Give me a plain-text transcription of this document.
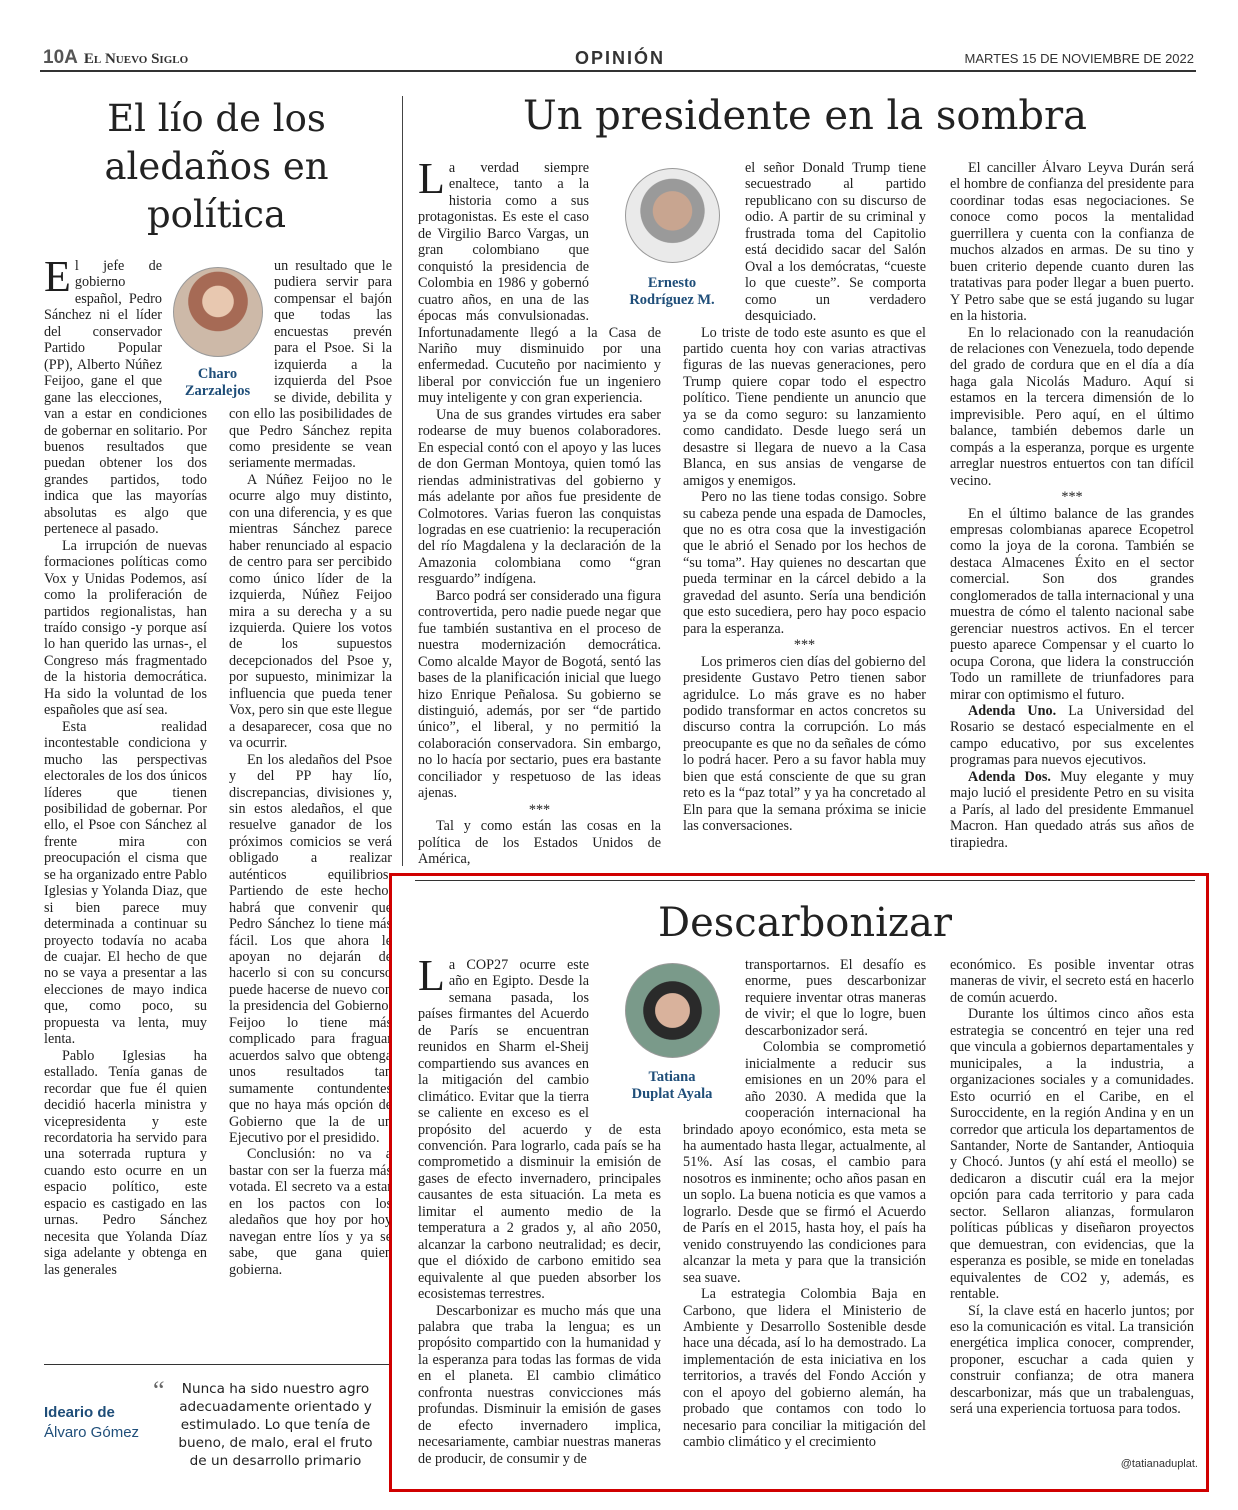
10A El Nuevo Siglo	OPINIÓN	MARTES 15 DE NOVIEMBRE DE 2022
El lío de los aledaños en política
Charo
Zarzalejos

El jefe de gobierno español, Pedro Sánchez ni el líder del conservador Partido Popular (PP), Alberto Núñez Feijoo, gane el que gane las elecciones, van a estar en condiciones de gobernar en solitario. Por buenos resultados que puedan obtener los dos grandes partidos, todo indica que las mayorías absolutas es algo que pertenece al pasado.

La irrupción de nuevas formaciones políticas como Vox y Unidas Podemos, así como la proliferación de partidos regionalistas, han traído consigo -y porque así lo han querido las urnas-, el Congreso más fragmentado de la historia democrática. Ha sido la voluntad de los españoles que así sea.

Esta realidad incontestable condiciona y mucho las perspectivas electorales de los dos únicos líderes que tienen posibilidad de gobernar. Por ello, el Psoe con Sánchez al frente mira con preocupación el cisma que se ha organizado entre Pablo Iglesias y Yolanda Diaz, que si bien parece muy determinada a continuar su proyecto todavía no acaba de cuajar. El hecho de que no se vaya a presentar a las elecciones de mayo indica que, como poco, su propuesta va lenta, muy lenta.

Pablo Iglesias ha estallado. Tenía ganas de recordar que fue él quien decidió hacerla ministra y vicepresidenta y este recordatoria ha servido para una soterrada ruptura y cuando esto ocurre en un espacio político, este espacio es castigado en las urnas. Pedro Sánchez necesita que Yolanda Díaz siga adelante y obtenga en las generales

un resultado que le pudiera servir para compensar el bajón que todas las encuestas prevén para el Psoe. Si la izquierda a la izquierda del Psoe se divide, debilita y con ello las posibilidades de que Pedro Sánchez repita como presidente se vean seriamente mermadas.

A Núñez Feijoo no le ocurre algo muy distinto, con una diferencia, y es que mientras Sánchez parece haber renunciado al espacio de centro para ser percibido como único líder de la izquierda, Núñez Feijoo mira a su derecha y a su izquierda. Quiere los votos de los supuestos decepcionados del Psoe y, por supuesto, minimizar la influencia que pueda tener Vox, pero sin que este llegue a desaparecer, cosa que no va ocurrir.

En los aledaños del Psoe y del PP hay lío, discrepancias, divisiones y, sin estos aledaños, el que resuelve ganador de los próximos comicios se verá obligado a realizar auténticos equilibrios. Partiendo de este hecho, habrá que convenir que Pedro Sánchez lo tiene más fácil. Los que ahora le apoyan no dejarán de hacerlo si con su concurso puede hacerse de nuevo con la presidencia del Gobierno. Feijoo lo tiene más complicado para fraguar acuerdos salvo que obtenga unos resultados tan sumamente contundentes que no haya más opción de Gobierno que la de un Ejecutivo por el presidido.

Conclusión: no va a bastar con ser la fuerza más votada. El secreto va a estar en los pactos con los aledaños que hoy por hoy navegan entre líos y ya se sabe, que gana quien gobierna.

Ideario de
Álvaro Gómez
“	Nunca ha sido nuestro agro adecuadamente orientado y estimulado. Lo que tenía de bueno, de malo, eral el fruto de un desarrollo primario
Un presidente en la sombra
Ernesto
Rodríguez M.

La verdad siempre enaltece, tanto a la historia como a sus protagonistas. Es este el caso de Virgilio Barco Vargas, un gran colombiano que conquistó la presidencia de Colombia en 1986 y gobernó cuatro años, en una de las épocas más convulsionadas. Infortunadamente llegó a la Casa de Nariño muy disminuido por una enfermedad. Cucuteño por nacimiento y liberal por convicción fue un ingeniero muy inteligente y con gran experiencia.

Una de sus grandes virtudes era saber rodearse de muy buenos colaboradores. En especial contó con el apoyo y las luces de don German Montoya, quien tomó las riendas administrativas del gobierno y más adelante por años fue presidente de Colmotores. Varias fueron las conquistas logradas en ese cuatrienio: la recuperación del río Magdalena y la declaración de la Amazonia colombiana como “gran resguardo” indígena.

Barco podrá ser considerado una figura controvertida, pero nadie puede negar que fue también sustantiva en el proceso de nuestra modernización democrática. Como alcalde Mayor de Bogotá, sentó las bases de la planificación inicial que luego hizo Enrique Peñalosa. Su gobierno se distinguió, además, por ser “de partido único”, el liberal, y no permitió la colaboración conservadora. Sin embargo, no lo hacía por sectario, pues era bastante conciliador y respetuoso de las ideas ajenas.

***

Tal y como están las cosas en la política de los Estados Unidos de América,

el señor Donald Trump tiene secuestrado al partido republicano con su discurso de odio. A partir de su criminal y frustrada toma del Capitolio está decidido sacar del Salón Oval a los demócratas, “cueste lo que cueste”. Se comporta como un verdadero desquiciado.

Lo triste de todo este asunto es que el partido cuenta hoy con varias atractivas figuras de las nuevas generaciones, pero Trump quiere copar todo el espectro político. Tiene pendiente un anuncio que ya se da como seguro: su lanzamiento como candidato. Desde luego será un desastre si llegara de nuevo a la Casa Blanca, en sus ansias de vengarse de amigos y enemigos.

Pero no las tiene todas consigo. Sobre su cabeza pende una espada de Damocles, que no es otra cosa que la investigación que le abrió el Senado por los hechos de “su toma”. Hay quienes no descartan que pueda terminar en la cárcel debido a la gravedad del asunto. Sería una bendición que esto sucediera, pero hay poco espacio para la esperanza.

***

Los primeros cien días del gobierno del presidente Gustavo Petro tienen sabor agridulce. Lo más grave es no haber podido transformar en actos concretos su discurso contra la corrupción. Lo más preocupante es que no da señales de cómo lo podrá hacer. Pero a su favor habla muy bien que está consciente de que su gran reto es la “paz total” y ya ha concretado al Eln para que la semana próxima se inicie las conversaciones.

El canciller Álvaro Leyva Durán será el hombre de confianza del presidente para coordinar todas esas negociaciones. Se conoce como pocos la mentalidad guerrillera y cuenta con la confianza de muchos alzados en armas. De su tino y buen criterio depende cuanto duren las tratativas para poder llegar a buen puerto. Y Petro sabe que se está jugando su lugar en la historia.

En lo relacionado con la reanudación de relaciones con Venezuela, todo depende del grado de cordura que en el día a día haga gala Nicolás Maduro. Aquí si estamos en la tercera dimensión de lo imprevisible. Pero aquí, en el último balance, también debemos darle un compás a la esperanza, porque es urgente arreglar nuestros entuertos con tan difícil vecino.

***

En el último balance de las grandes empresas colombianas aparece Ecopetrol como la joya de la corona. También se destaca Almacenes Éxito en el sector comercial. Son dos grandes conglomerados de talla internacional y una muestra de cómo el talento nacional sabe gerenciar nuestros activos. En el tercer puesto aparece Compensar y el cuarto lo ocupa Corona, que lidera la construcción Todo un ramillete de triunfadores para mirar con optimismo el futuro.

Adenda Uno. La Universidad del Rosario se destacó especialmente en el campo educativo, por sus excelentes programas para nuevos ejecutivos.

Adenda Dos. Muy elegante y muy majo lució el presidente Petro en su visita a París, al lado del presidente Emmanuel Macron. Han quedado atrás sus años de tirapiedra.

Descarbonizar
Tatiana
Duplat Ayala

La COP27 ocurre este año en Egipto. Desde la semana pasada, los países firmantes del Acuerdo de París se encuentran reunidos en Sharm el-Sheij compartiendo sus avances en la mitigación del cambio climático. Evitar que la tierra se caliente en exceso es el propósito del acuerdo y de esta convención. Para lograrlo, cada país se ha comprometido a disminuir la emisión de gases de efecto invernadero, principales causantes de esta situación. La meta es limitar el aumento medio de la temperatura a 2 grados y, al año 2050, alcanzar la carbono neutralidad; es decir, que el dióxido de carbono emitido sea equivalente al que pueden absorber los ecosistemas terrestres.

Descarbonizar es mucho más que una palabra que traba la lengua; es un propósito compartido con la humanidad y la esperanza para todas las formas de vida en el planeta. El cambio climático confronta nuestras convicciones más profundas. Disminuir la emisión de gases de efecto invernadero implica, necesariamente, cambiar nuestras maneras de producir, de consumir y de

transportarnos. El desafío es enorme, pues descarbonizar requiere inventar otras maneras de vivir; el que lo logre, buen descarbonizador será.

Colombia se comprometió inicialmente a reducir sus emisiones en un 20% para el año 2030. A medida que la cooperación internacional ha brindado apoyo económico, esta meta se ha aumentado hasta llegar, actualmente, al 51%. Así las cosas, el cambio para nosotros es inminente; ocho años pasan en un soplo. La buena noticia es que vamos a lograrlo. Desde que se firmó el Acuerdo de París en el 2015, hasta hoy, el país ha venido construyendo las condiciones para alcanzar la meta y para que la transición sea suave.

La estrategia Colombia Baja en Carbono, que lidera el Ministerio de Ambiente y Desarrollo Sostenible desde hace una década, así lo ha demostrado. La implementación de esta iniciativa en los territorios, a través del Fondo Acción y con el apoyo del gobierno alemán, ha probado que contamos con todo lo necesario para conciliar la mitigación del cambio climático y el crecimiento

económico. Es posible inventar otras maneras de vivir, el secreto está en hacerlo de común acuerdo.

Durante los últimos cinco años esta estrategia se concentró en tejer una red que vincula a gobiernos departamentales y municipales, a la industria, a organizaciones sociales y a comunidades. Esto ocurrió en el Caribe, en el Suroccidente, en la región Andina y en un corredor que articula los departamentos de Santander, Norte de Santander, Antioquia y Chocó. Juntos (y ahí está el meollo) se dedicaron a discutir cuál era la mejor opción para cada territorio y para cada sector. Sellaron alianzas, formularon políticas públicas y diseñaron proyectos que demuestran, con evidencias, que la esperanza es posible, se mide en toneladas equivalentes de CO2 y, además, es rentable.

Sí, la clave está en hacerlo juntos; por eso la comunicación es vital. La transición energética implica conocer, comprender, proponer, escuchar a cada quien y construir confianza; de otra manera descarbonizar, más que un trabalenguas, será una experiencia tortuosa para todos.

@tatianaduplat.
